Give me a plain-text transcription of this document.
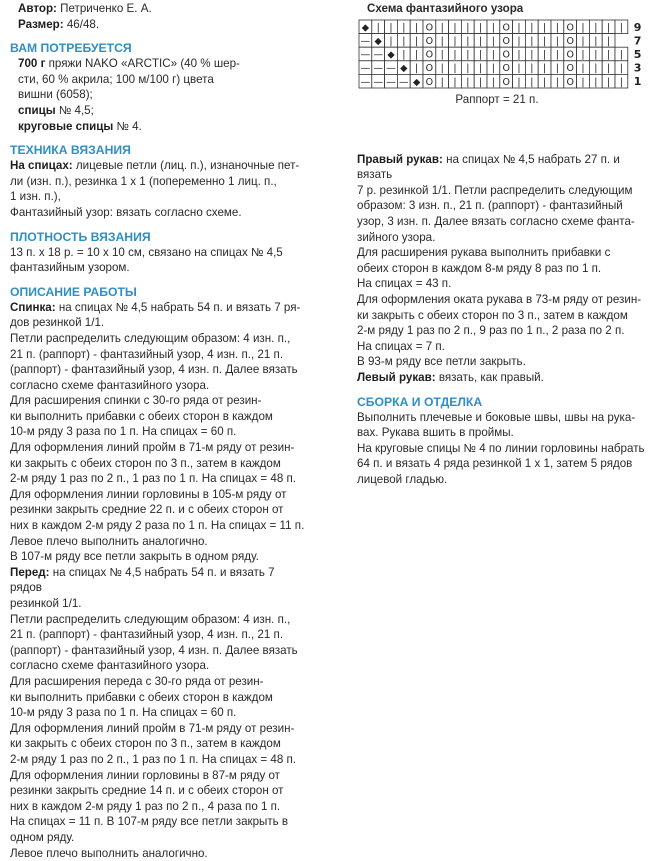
Автор: Петриченко Е. А.

Размер: 46/48.

ВАМ ПОТРЕБУЕТСЯ

700 г пряжи NAKO «ARCTIC» (40 % шер-

сти, 60 % акрила; 100 м/100 г) цвета

вишни (6058);

спицы № 4,5;

круговые спицы № 4.

ТЕХНИКА ВЯЗАНИЯ

На спицах: лицевые петли (лиц. п.), изнаночные пет-

ли (изн. п.), резинка 1 х 1 (попеременно 1 лиц. п.,

1 изн. п.),

Фантазийный узор: вязать согласно схеме.

ПЛОТНОСТЬ ВЯЗАНИЯ

13 п. х 18 р. = 10 х 10 см, связано на спицах № 4,5

фантазийным узором.

ОПИСАНИЕ РАБОТЫ

Спинка: на спицах № 4,5 набрать 54 п. и вязать 7 ря-

дов резинкой 1/1.

Петли распределить следующим образом: 4 изн. п.,

21 п. (раппорт) - фантазийный узор, 4 изн. п., 21 п.

(раппорт) - фантазийный узор, 4 изн. п. Далее вязать

согласно схеме фантазийного узора.

Для расширения спинки с 30-го ряда от резин-

ки выполнить прибавки с обеих сторон в каждом

10-м ряду 3 раза по 1 п. На спицах = 60 п.

Для оформления линий пройм в 71-м ряду от резин-

ки закрыть с обеих сторон по 3 п., затем в каждом

2-м ряду 1 раз по 2 п., 1 раз по 1 п. На спицах = 48 п.

Для оформления линии горловины в 105-м ряду от

резинки закрыть средние 22 п. и с обеих сторон от

них в каждом 2-м ряду 2 раза по 1 п. На спицах = 11 п.

Левое плечо выполнить аналогично.

В 107-м ряду все петли закрыть в одном ряду.

Перед: на спицах № 4,5 набрать 54 п. и вязать 7 рядов

резинкой 1/1.

Петли распределить следующим образом: 4 изн. п.,

21 п. (раппорт) - фантазийный узор, 4 изн. п., 21 п.

(раппорт) - фантазийный узор, 4 изн. п. Далее вязать

согласно схеме фантазийного узора.

Для расширения переда с 30-го ряда от резин-

ки выполнить прибавки с обеих сторон в каждом

10-м ряду 3 раза по 1 п. На спицах = 60 п.

Для оформления линий пройм в 71-м ряду от резин-

ки закрыть с обеих сторон по 3 п., затем в каждом

2-м ряду 1 раз по 2 п., 1 раз по 1 п. На спицах = 48 п.

Для оформления линии горловины в 87-м ряду от

резинки закрыть средние 14 п. и с обеих сторон от

них в каждом 2-м ряду 1 раз по 2 п., 4 раза по 1 п.

На спицах = 11 п. В 107-м ряду все петли закрыть в

одном ряду.

Левое плечо выполнить аналогично.

Схема фантазийного узора

◆ | | | | O | | | | | O | | | | O | | | | 9
— ◆ | | | O | | | | | O | | | | O | | | 7
— — ◆ | | O | | | | | O | | | | O | | | | 5
— — — ◆ | O | | | | | O | | | | O | | | | 3
— — — — ◆ O | | | | | O | | | | O | | | | 1

Раппорт = 21 п.

Правый рукав: на спицах № 4,5 набрать 27 п. и вязать

7 р. резинкой 1/1. Петли распределить следующим

образом: 3 изн. п., 21 п. (раппорт) - фантазийный

узор, 3 изн. п. Далее вязать согласно схеме фанта-

зийного узора.

Для расширения рукава выполнить прибавки с

обеих сторон в каждом 8-м ряду 8 раз по 1 п.

На спицах = 43 п.

Для оформления оката рукава в 73-м ряду от резин-

ки закрыть с обеих сторон по 3 п., затем в каждом

2-м ряду 1 раз по 2 п., 9 раз по 1 п., 2 раза по 2 п.

На спицах = 7 п.

В 93-м ряду все петли закрыть.

Левый рукав: вязать, как правый.

СБОРКА И ОТДЕЛКА

Выполнить плечевые и боковые швы, швы на рука-

вах. Рукава вшить в проймы.

На круговые спицы № 4 по линии горловины набрать

64 п. и вязать 4 ряда резинкой 1 х 1, затем 5 рядов

лицевой гладью.
